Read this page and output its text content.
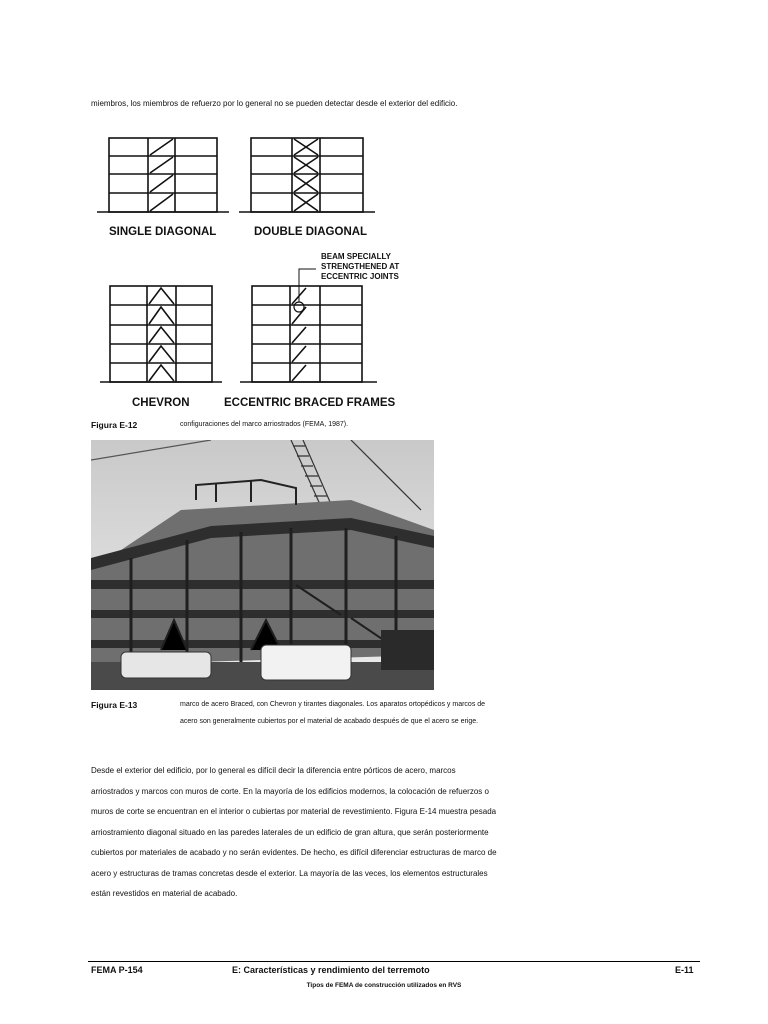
miembros, los miembros de refuerzo por lo general no se pueden detectar desde el exterior del edificio.
SINGLE DIAGONAL	DOUBLE DIAGONAL
CHEVRON	ECCENTRIC BRACED FRAMES
BEAM SPECIALLY
STRENGTHENED AT
ECCENTRIC JOINTS
Figura E-12	configuraciones del marco arriostrados (FEMA, 1987).
Figura E-13	marco de acero Braced, con Chevron y tirantes diagonales. Los aparatos ortopédicos y marcos de
acero son generalmente cubiertos por el material de acabado después de que el acero se erige.

Desde el exterior del edificio, por lo general es difícil decir la diferencia entre pórticos de acero, marcos

arriostrados y marcos con muros de corte. En la mayoría de los edificios modernos, la colocación de refuerzos o

muros de corte se encuentran en el interior o cubiertas por material de revestimiento. Figura E-14 muestra pesada

arriostramiento diagonal situado en las paredes laterales de un edificio de gran altura, que serán posteriormente

cubiertos por materiales de acabado y no serán evidentes. De hecho, es difícil diferenciar estructuras de marco de

acero y estructuras de tramas concretas desde el exterior. La mayoría de las veces, los elementos estructurales

están revestidos en material de acabado.

FEMA P-154	E: Características y rendimiento del terremoto	E-11
Tipos de FEMA de construcción utilizados en RVS
